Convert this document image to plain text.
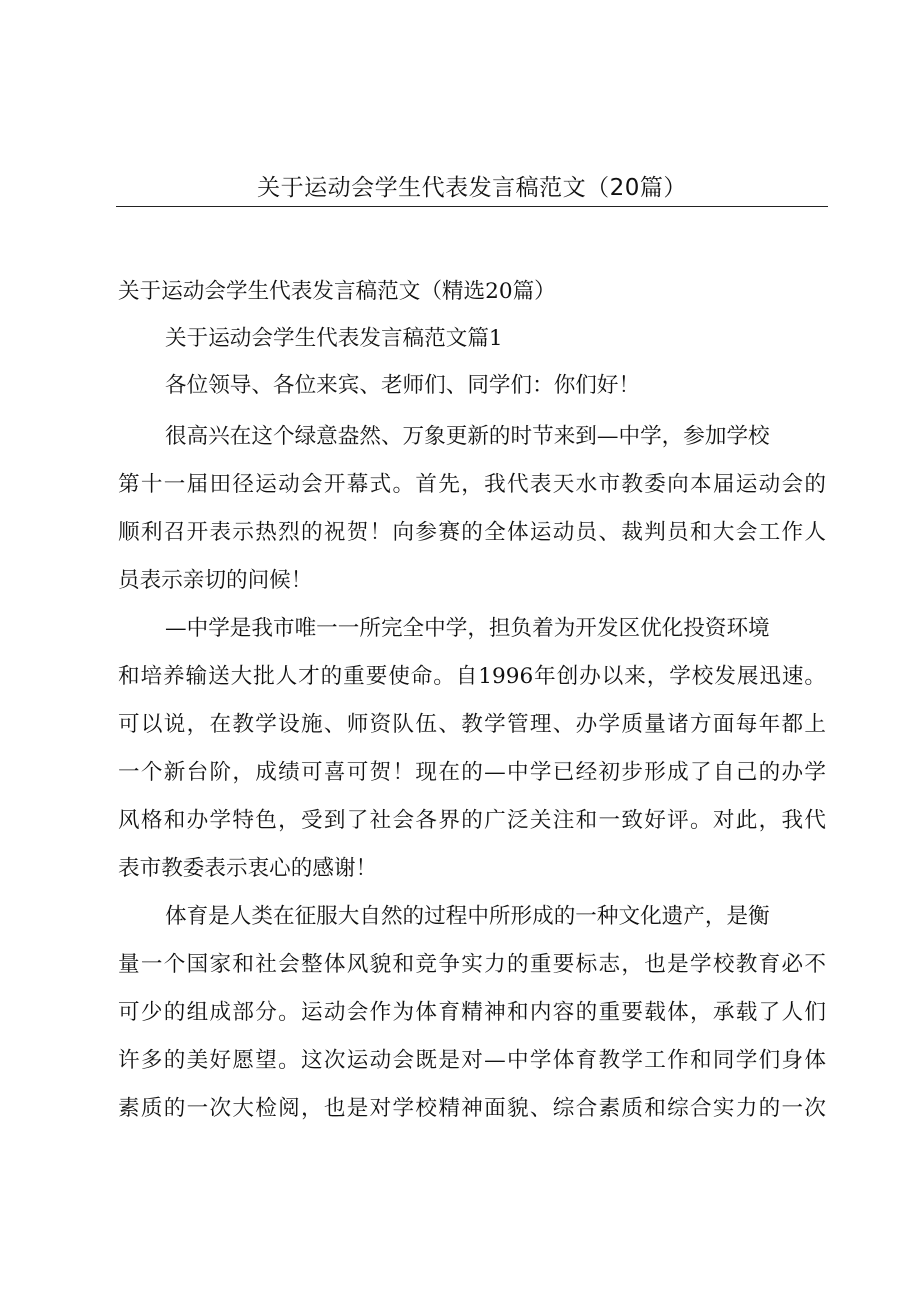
关于运动会学生代表发言稿范文（20篇）
关于运动会学生代表发言稿范文（精选20篇）
关于运动会学生代表发言稿范文篇1
各位领导、各位来宾、老师们、同学们：你们好！
很高兴在这个绿意盎然、万象更新的时节来到—中学，参加学校
第十一届田径运动会开幕式。首先，我代表天水市教委向本届运动会的
顺利召开表示热烈的祝贺！向参赛的全体运动员、裁判员和大会工作人
员表示亲切的问候！
—中学是我市唯一一所完全中学，担负着为开发区优化投资环境
和培养输送大批人才的重要使命。自1996年创办以来，学校发展迅速。
可以说，在教学设施、师资队伍、教学管理、办学质量诸方面每年都上
一个新台阶，成绩可喜可贺！现在的—中学已经初步形成了自己的办学
风格和办学特色，受到了社会各界的广泛关注和一致好评。对此，我代
表市教委表示衷心的感谢！
体育是人类在征服大自然的过程中所形成的一种文化遗产，是衡
量一个国家和社会整体风貌和竞争实力的重要标志，也是学校教育必不
可少的组成部分。运动会作为体育精神和内容的重要载体，承载了人们
许多的美好愿望。这次运动会既是对—中学体育教学工作和同学们身体
素质的一次大检阅，也是对学校精神面貌、综合素质和综合实力的一次
